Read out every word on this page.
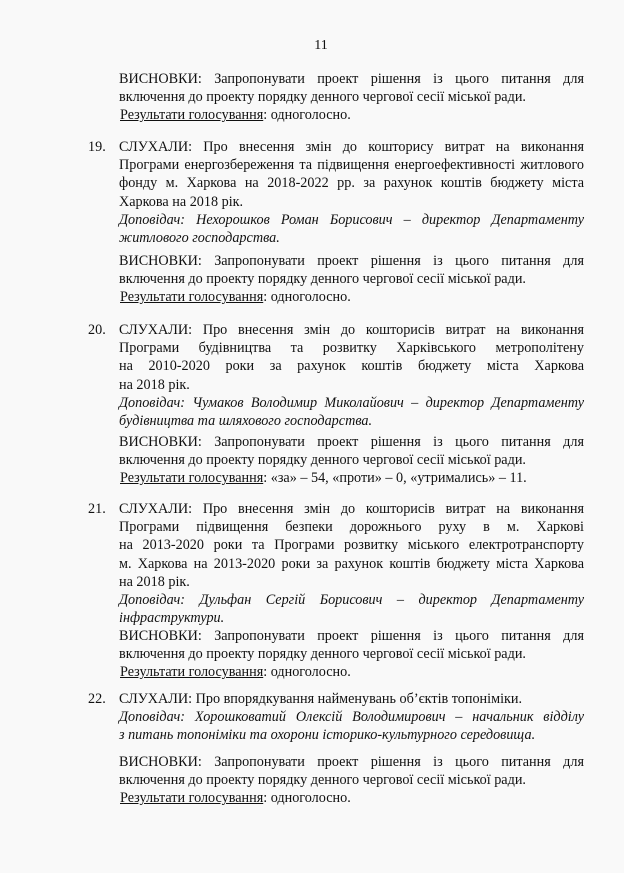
11
ВИСНОВКИ: Запропонувати проект рішення із цього питання для
включення до проекту порядку денного чергової сесії міської ради.
Результати голосування: одноголосно.
19. СЛУХАЛИ: Про внесення змін до кошторису витрат на виконання
Програми енергозбереження та підвищення енергоефективності житлового
фонду м. Харкова на 2018-2022 рр. за рахунок коштів бюджету міста
Харкова на 2018 рік.
Доповідач: Нехорошков Роман Борисович – директор Департаменту
житлового господарства.
ВИСНОВКИ: Запропонувати проект рішення із цього питання для
включення до проекту порядку денного чергової сесії міської ради.
Результати голосування: одноголосно.
20. СЛУХАЛИ: Про внесення змін до кошторисів витрат на виконання
Програми будівництва та розвитку Харківського метрополітену
на 2010-2020 роки за рахунок коштів бюджету міста Харкова
на 2018 рік.
Доповідач: Чумаков Володимир Миколайович – директор Департаменту
будівництва та шляхового господарства.
ВИСНОВКИ: Запропонувати проект рішення із цього питання для
включення до проекту порядку денного чергової сесії міської ради.
Результати голосування: «за» – 54, «проти» – 0, «утримались» – 11.
21. СЛУХАЛИ: Про внесення змін до кошторисів витрат на виконання
Програми підвищення безпеки дорожнього руху в м. Харкові
на 2013-2020 роки та Програми розвитку міського електротранспорту
м. Харкова на 2013-2020 роки за рахунок коштів бюджету міста Харкова
на 2018 рік.
Доповідач: Дульфан Сергій Борисович – директор Департаменту
інфраструктури.
ВИСНОВКИ: Запропонувати проект рішення із цього питання для
включення до проекту порядку денного чергової сесії міської ради.
Результати голосування: одноголосно.
22. СЛУХАЛИ: Про впорядкування найменувань об’єктів топоніміки.
Доповідач: Хорошковатий Олексій Володимирович – начальник відділу
з питань топоніміки та охорони історико-культурного середовища.
ВИСНОВКИ: Запропонувати проект рішення із цього питання для
включення до проекту порядку денного чергової сесії міської ради.
Результати голосування: одноголосно.
